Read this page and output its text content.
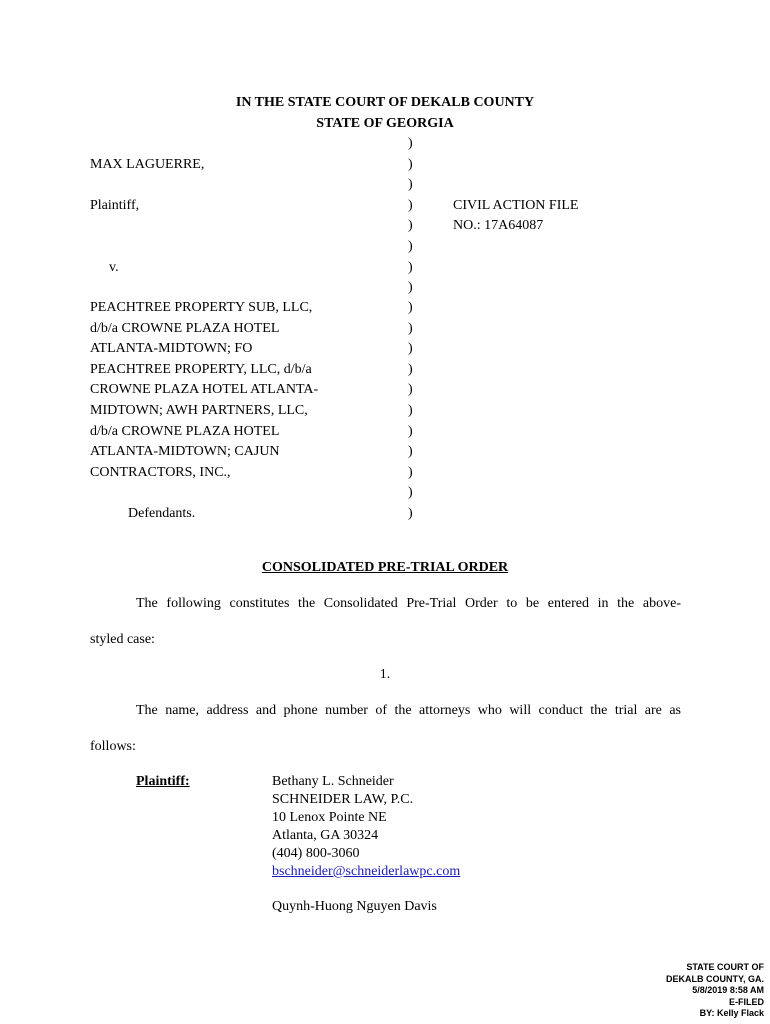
IN THE STATE COURT OF DEKALB COUNTY
STATE OF GEORGIA
MAX LAGUERRE,
Plaintiff,
v.
PEACHTREE PROPERTY SUB, LLC,
d/b/a CROWNE PLAZA HOTEL
ATLANTA-MIDTOWN; FO
PEACHTREE PROPERTY, LLC, d/b/a
CROWNE PLAZA HOTEL ATLANTA-
MIDTOWN; AWH PARTNERS, LLC,
d/b/a CROWNE PLAZA HOTEL
ATLANTA-MIDTOWN; CAJUN
CONTRACTORS, INC.,
Defendants.
)
)
)
)
)
)
)
)
)
)
)
)
)
)
)
)
)
)
)
CIVIL ACTION FILE
NO.: 17A64087
CONSOLIDATED PRE-TRIAL ORDER
The following constitutes the Consolidated Pre-Trial Order to be entered in the above-
styled case:
1.
The name, address and phone number of the attorneys who will conduct the trial are as
follows:
Plaintiff:	Bethany L. Schneider
SCHNEIDER LAW, P.C.
10 Lenox Pointe NE
Atlanta, GA 30324
(404) 800-3060
bschneider@schneiderlawpc.com
Quynh-Huong Nguyen Davis
STATE COURT OF
DEKALB COUNTY, GA.
5/8/2019 8:58 AM
E-FILED
BY: Kelly Flack
